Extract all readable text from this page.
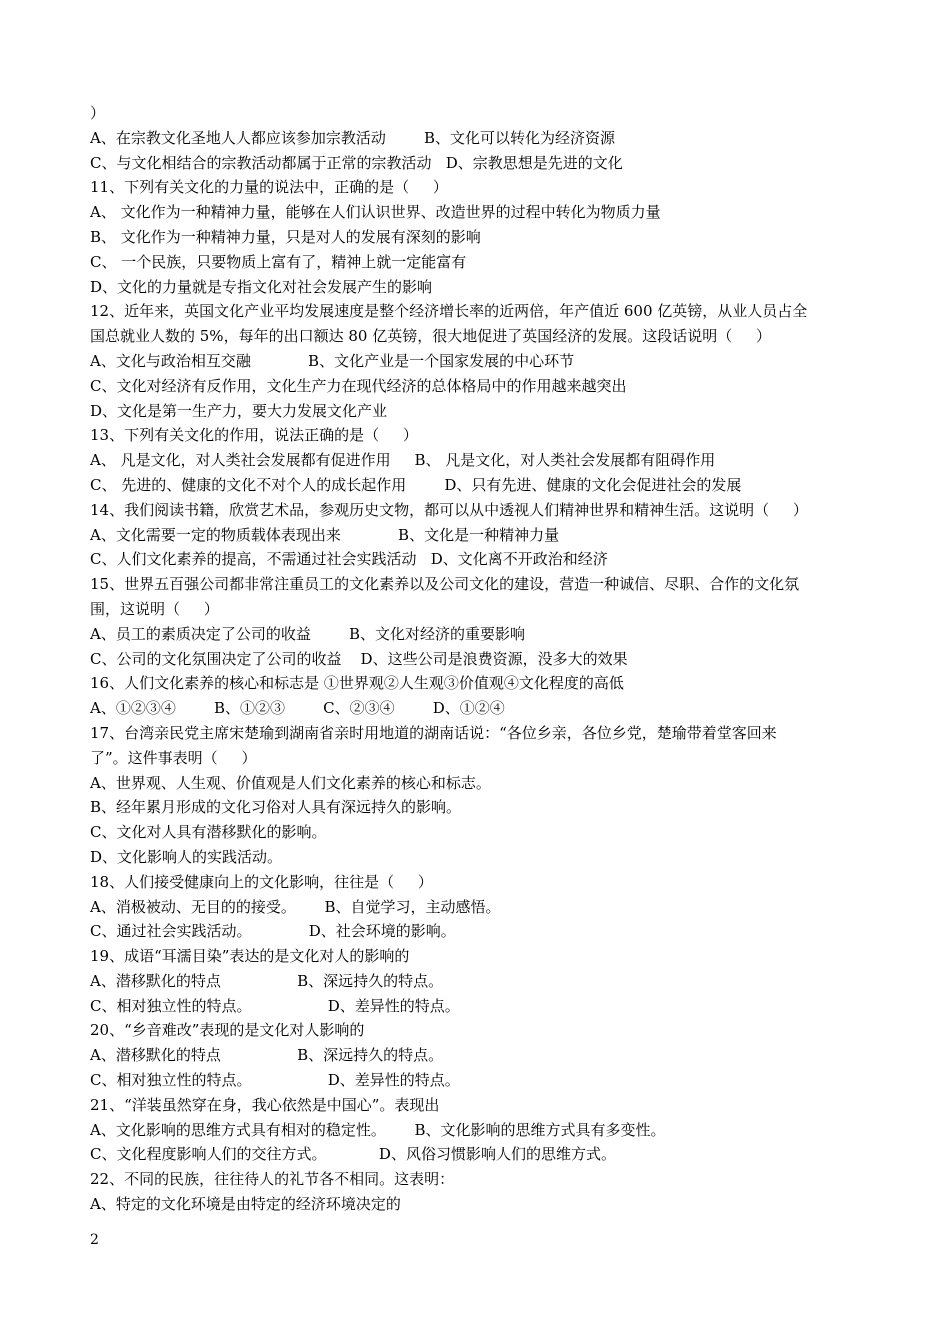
）
A、在宗教文化圣地人人都应该参加宗教活动        B、文化可以转化为经济资源
C、与文化相结合的宗教活动都属于正常的宗教活动   D、宗教思想是先进的文化
11、下列有关文化的力量的说法中，正确的是（     ）
A、 文化作为一种精神力量，能够在人们认识世界、改造世界的过程中转化为物质力量
B、 文化作为一种精神力量，只是对人的发展有深刻的影响
C、 一个民族，只要物质上富有了，精神上就一定能富有
D、文化的力量就是专指文化对社会发展产生的影响
12、近年来，英国文化产业平均发展速度是整个经济增长率的近两倍，年产值近 600 亿英镑，从业人员占全
国总就业人数的 5%，每年的出口额达 80 亿英镑，很大地促进了英国经济的发展。这段话说明（     ）
A、文化与政治相互交融            B、文化产业是一个国家发展的中心环节
C、文化对经济有反作用，文化生产力在现代经济的总体格局中的作用越来越突出
D、文化是第一生产力，要大力发展文化产业
13、下列有关文化的作用，说法正确的是（     ）
A、 凡是文化，对人类社会发展都有促进作用     B、 凡是文化，对人类社会发展都有阻碍作用
C、 先进的、健康的文化不对个人的成长起作用        D、只有先进、健康的文化会促进社会的发展
14、我们阅读书籍，欣赏艺术品，参观历史文物，都可以从中透视人们精神世界和精神生活。这说明（     ）
A、文化需要一定的物质载体表现出来            B、文化是一种精神力量
C、人们文化素养的提高，不需通过社会实践活动   D、文化离不开政治和经济
15、世界五百强公司都非常注重员工的文化素养以及公司文化的建设，营造一种诚信、尽职、合作的文化氛
围，这说明（     ）
A、员工的素质决定了公司的收益        B、文化对经济的重要影响
C、公司的文化氛围决定了公司的收益    D、这些公司是浪费资源，没多大的效果
16、人们文化素养的核心和标志是 ①世界观②人生观③价值观④文化程度的高低
A、①②③④        B、①②③        C、②③④        D、①②④
17、台湾亲民党主席宋楚瑜到湖南省亲时用地道的湖南话说：“各位乡亲，各位乡党，楚瑜带着堂客回来
了”。这件事表明（     ）
A、世界观、人生观、价值观是人们文化素养的核心和标志。
B、经年累月形成的文化习俗对人具有深远持久的影响。
C、文化对人具有潜移默化的影响。
D、文化影响人的实践活动。
18、人们接受健康向上的文化影响，往往是（     ）
A、消极被动、无目的的接受。      B、自觉学习，主动感悟。
C、通过社会实践活动。            D、社会环境的影响。
19、成语“耳濡目染”表达的是文化对人的影响的
A、潜移默化的特点                B、深远持久的特点。
C、相对独立性的特点。                D、差异性的特点。
20、“乡音难改”表现的是文化对人影响的
A、潜移默化的特点                B、深远持久的特点。
C、相对独立性的特点。                D、差异性的特点。
21、“洋装虽然穿在身，我心依然是中国心”。表现出
A、文化影响的思维方式具有相对的稳定性。      B、文化影响的思维方式具有多变性。
C、文化程度影响人们的交往方式。           D、风俗习惯影响人们的思维方式。
22、不同的民族，往往待人的礼节各不相同。这表明：
A、特定的文化环境是由特定的经济环境决定的
2
